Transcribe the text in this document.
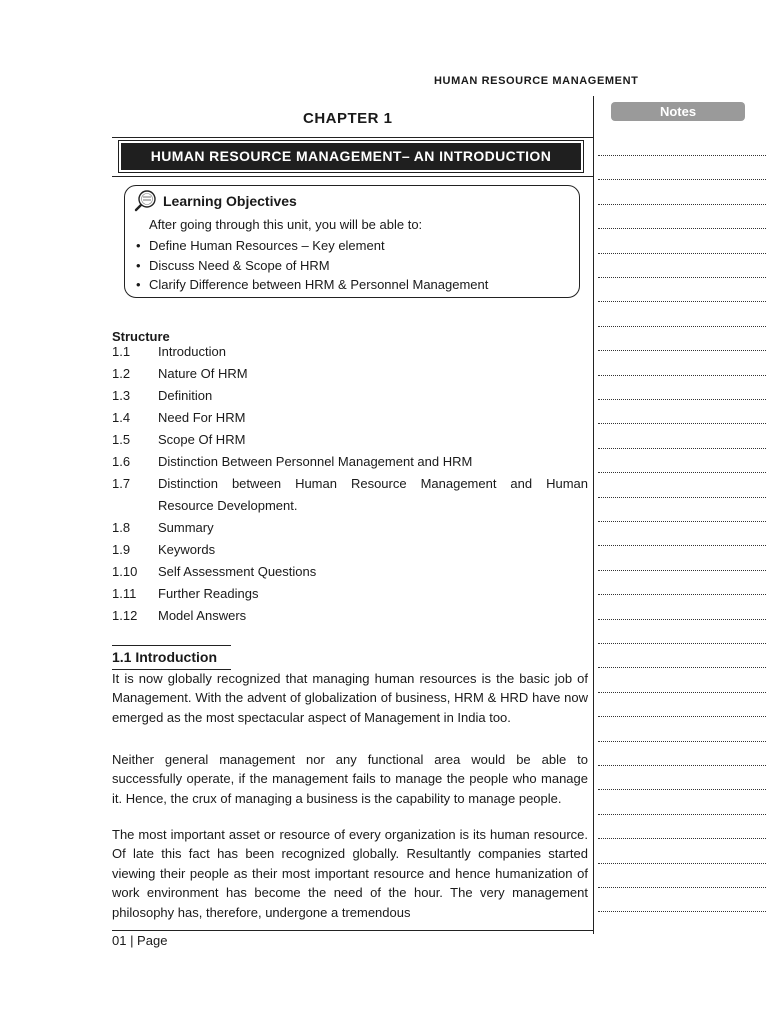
HUMAN RESOURCE MANAGEMENT
Notes
CHAPTER 1
HUMAN RESOURCE MANAGEMENT– AN INTRODUCTION
Learning Objectives
After going through this unit, you will be able to:
• Define Human Resources – Key element
• Discuss Need & Scope of HRM
• Clarify Difference between HRM & Personnel Management
Structure
1.1 Introduction
1.2 Nature Of HRM
1.3 Definition
1.4 Need For HRM
1.5 Scope Of HRM
1.6 Distinction Between Personnel Management and HRM
1.7 Distinction between Human Resource Management and Human
Resource Development.
1.8 Summary
1.9 Keywords
1.10 Self Assessment Questions
1.11 Further Readings
1.12 Model Answers
1.1 Introduction

It is now globally recognized that managing human resources is the basic job of Management. With the advent of globalization of business, HRM & HRD have now emerged as the most spectacular aspect of Management in India too.

Neither general management nor any functional area would be able to successfully operate, if the management fails to manage the people who manage it. Hence, the crux of managing a business is the capability to manage people.

The most important asset or resource of every organization is its human resource. Of late this fact has been recognized globally. Resultantly companies started viewing their people as their most important resource and hence humanization of work environment has become the need of the hour. The very management philosophy has, therefore, undergone a tremendous

01 | Page
